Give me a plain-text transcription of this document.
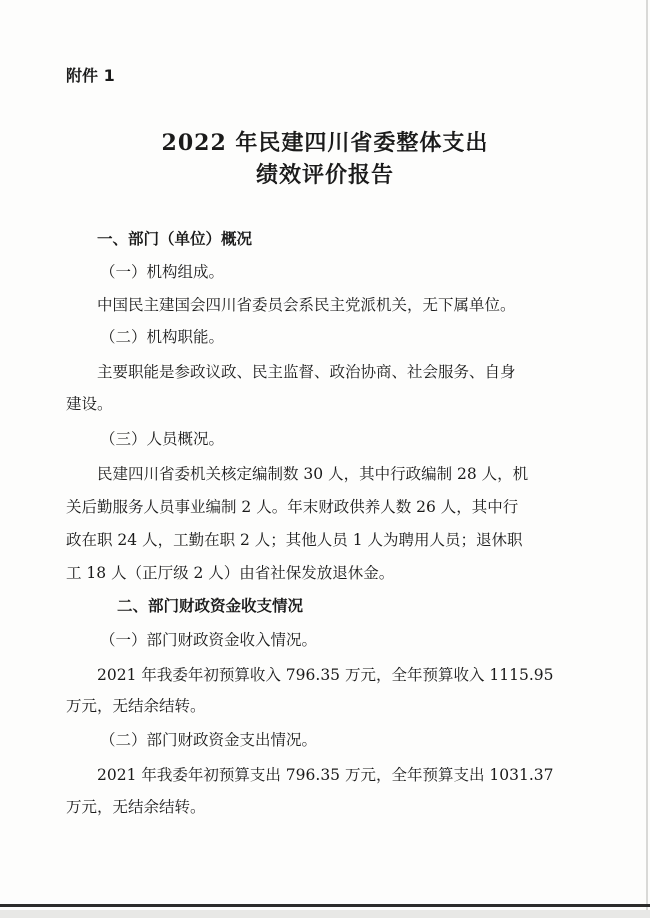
附件 1
2022 年民建四川省委整体支出
绩效评价报告
一、部门（单位）概况
（一）机构组成。
中国民主建国会四川省委员会系民主党派机关，无下属单位。
（二）机构职能。
主要职能是参政议政、民主监督、政治协商、社会服务、自身
建设。
（三）人员概况。
民建四川省委机关核定编制数 30 人，其中行政编制 28 人，机
关后勤服务人员事业编制 2 人。年末财政供养人数 26 人，其中行
政在职 24 人，工勤在职 2 人；其他人员 1 人为聘用人员；退休职
工 18 人（正厅级 2 人）由省社保发放退休金。
二、部门财政资金收支情况
（一）部门财政资金收入情况。
2021 年我委年初预算收入 796.35 万元，全年预算收入 1115.95
万元，无结余结转。
（二）部门财政资金支出情况。
2021 年我委年初预算支出 796.35 万元，全年预算支出 1031.37
万元，无结余结转。
